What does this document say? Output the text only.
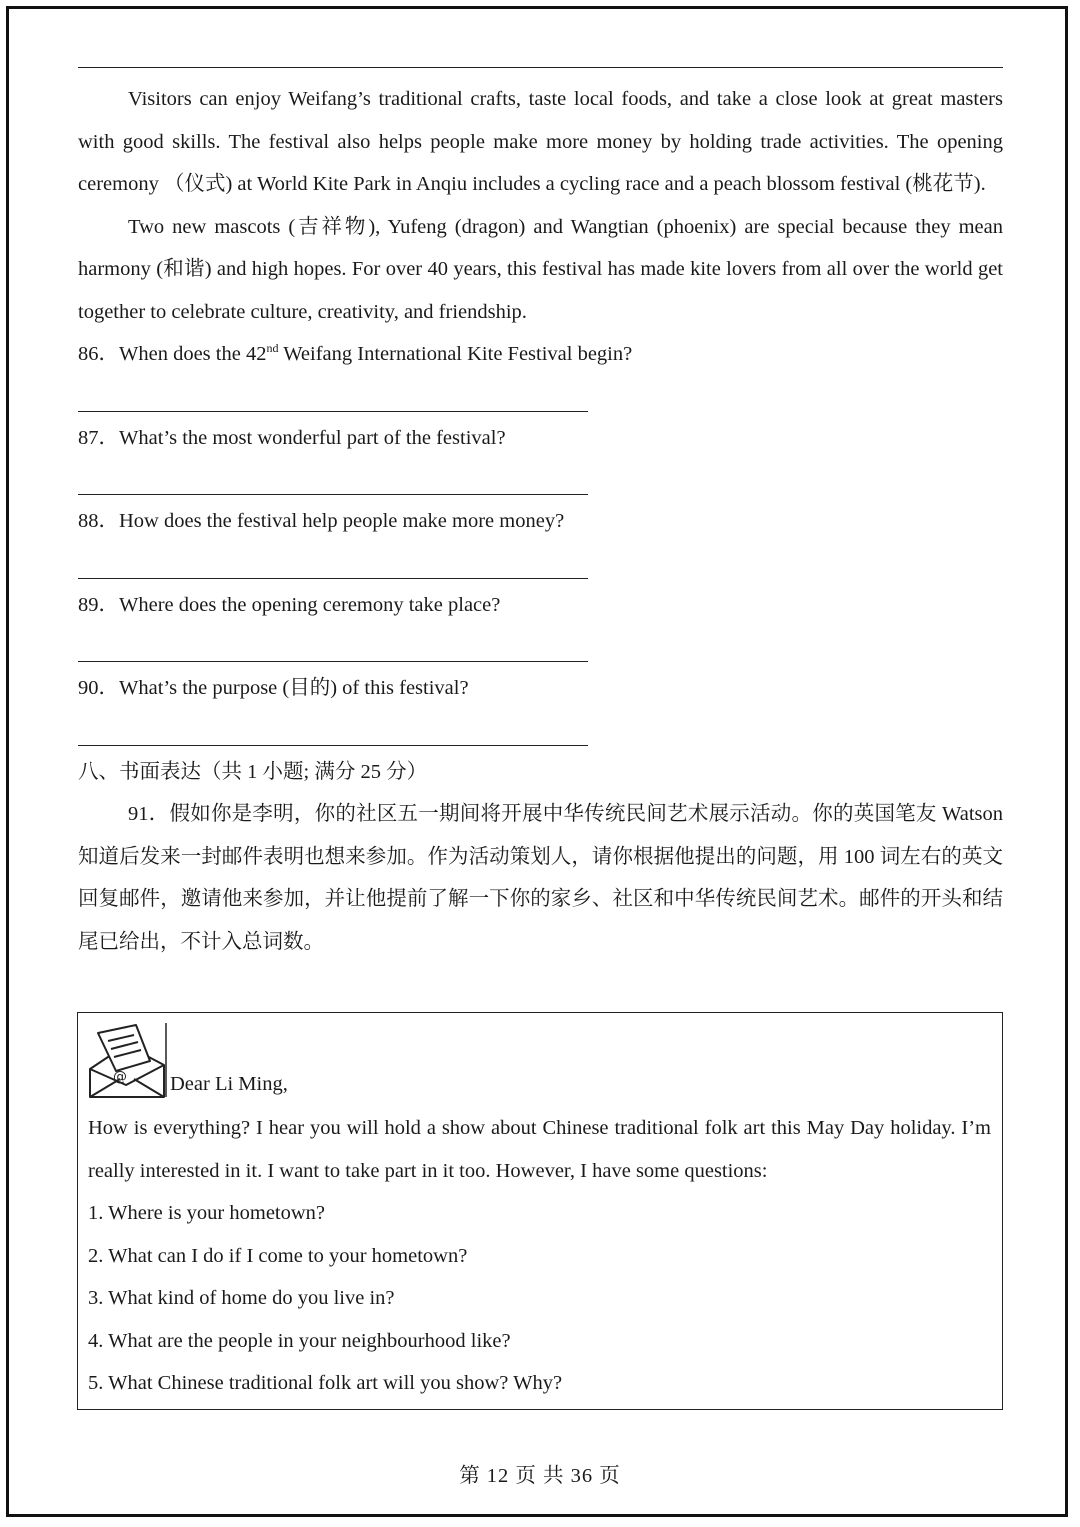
Visitors can enjoy Weifang’s traditional crafts, taste local foods, and take a close look at great masters with good skills. The festival also helps people make more money by holding trade activities. The opening ceremony （仪式) at World Kite Park in Anqiu includes a cycling race and a peach blossom festival (桃花节).

Two new mascots (吉祥物), Yufeng (dragon) and Wangtian (phoenix) are special because they mean harmony (和谐) and high hopes. For over 40 years, this festival has made kite lovers from all over the world get together to celebrate culture, creativity, and friendship.

86．When does the 42nd Weifang International Kite Festival begin?

87．What’s the most wonderful part of the festival?

88．How does the festival help people make more money?

89．Where does the opening ceremony take place?

90．What’s the purpose (目的) of this festival?

八、书面表达（共 1 小题; 满分 25 分）

91．假如你是李明，你的社区五一期间将开展中华传统民间艺术展示活动。你的英国笔友 Watson 知道后发来一封邮件表明也想来参加。作为活动策划人，请你根据他提出的问题，用 100 词左右的英文回复邮件，邀请他来参加，并让他提前了解一下你的家乡、社区和中华传统民间艺术。邮件的开头和结尾已给出，不计入总词数。

@ Dear Li Ming,

How is everything? I hear you will hold a show about Chinese traditional folk art this May Day holiday. I’m really interested in it. I want to take part in it too. However, I have some questions:

1. Where is your hometown?

2. What can I do if I come to your hometown?

3. What kind of home do you live in?

4. What are the people in your neighbourhood like?

5. What Chinese traditional folk art will you show? Why?

第 12 页 共 36 页
